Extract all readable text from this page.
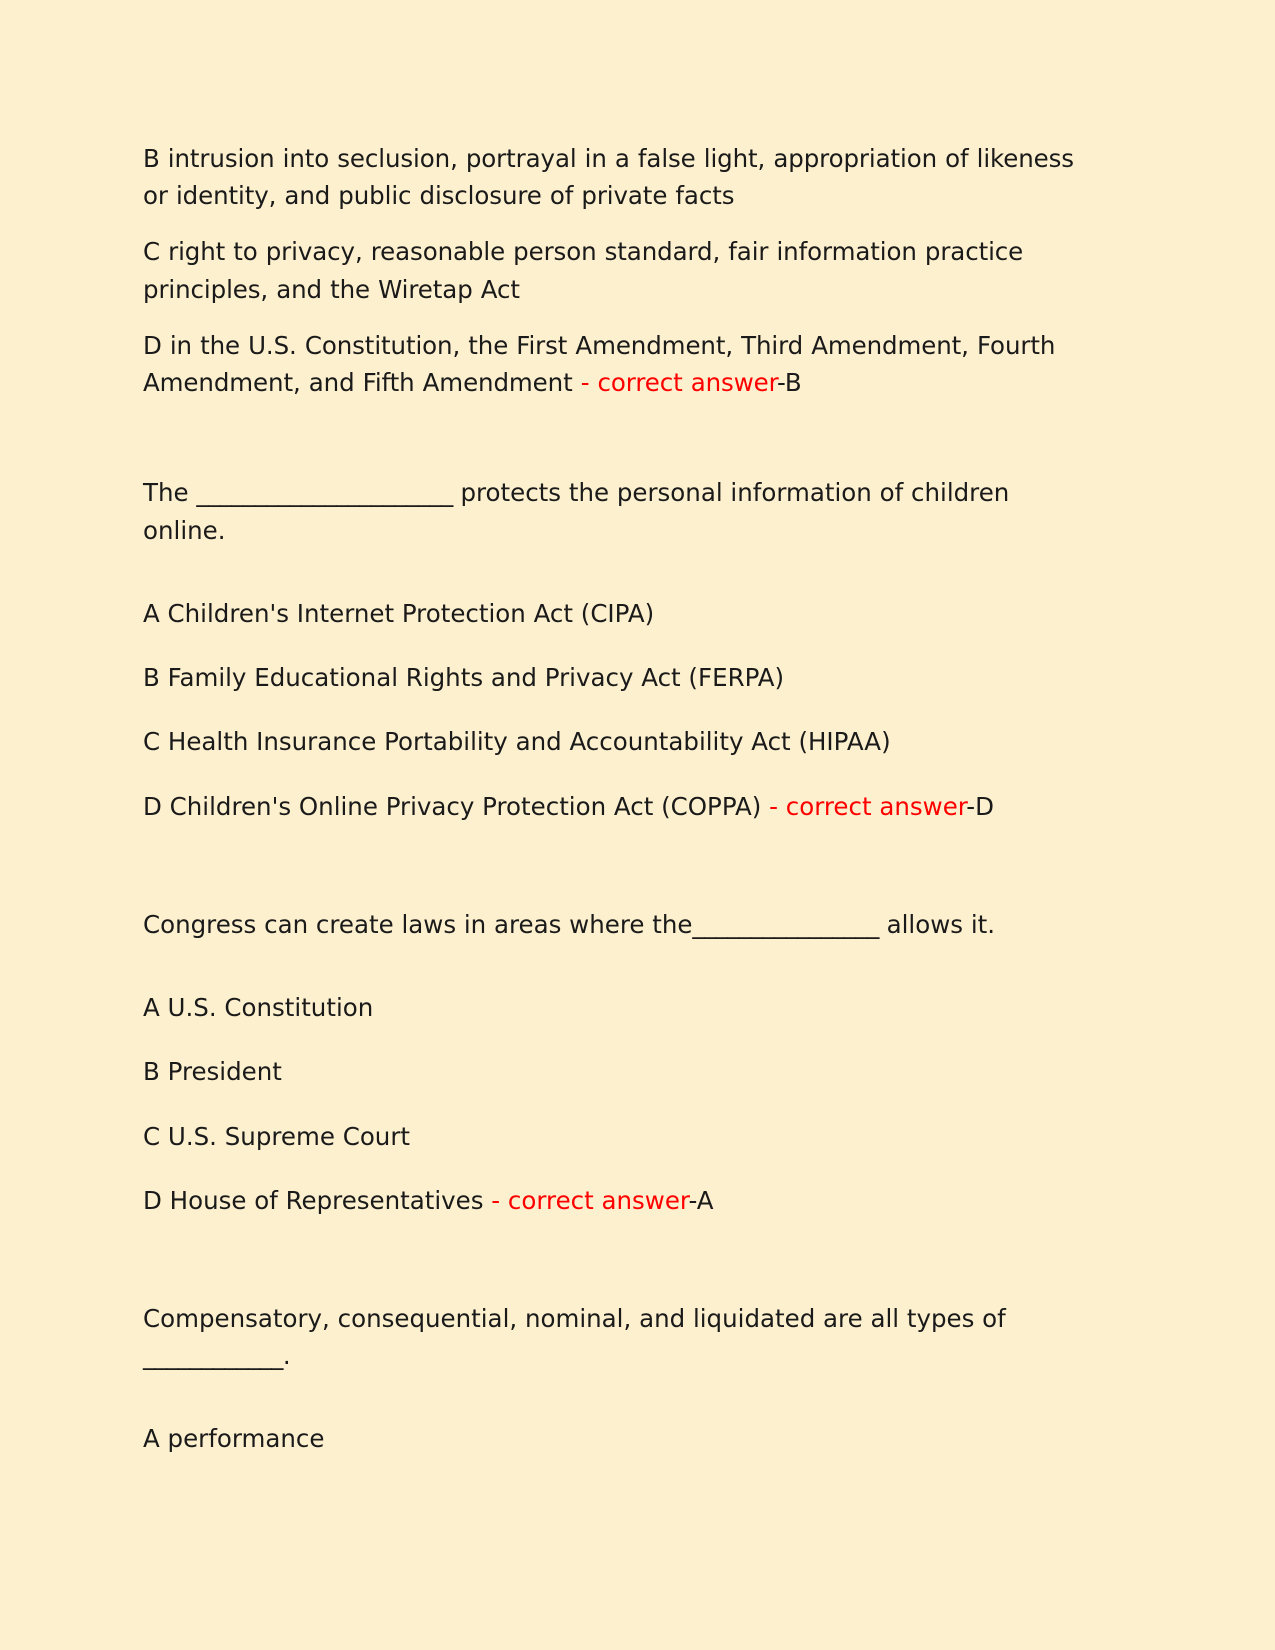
B intrusion into seclusion, portrayal in a false light, appropriation of likeness or identity, and public disclosure of private facts

C right to privacy, reasonable person standard, fair information practice principles, and the Wiretap Act

D in the U.S. Constitution, the First Amendment, Third Amendment, Fourth Amendment, and Fifth Amendment - correct answer-B

The ______________________ protects the personal information of children online.

A Children's Internet Protection Act (CIPA)

B Family Educational Rights and Privacy Act (FERPA)

C Health Insurance Portability and Accountability Act (HIPAA)

D Children's Online Privacy Protection Act (COPPA) - correct answer-D

Congress can create laws in areas where the________________ allows it.

A U.S. Constitution

B President

C U.S. Supreme Court

D House of Representatives - correct answer-A

Compensatory, consequential, nominal, and liquidated are all types of
____________.

A performance
